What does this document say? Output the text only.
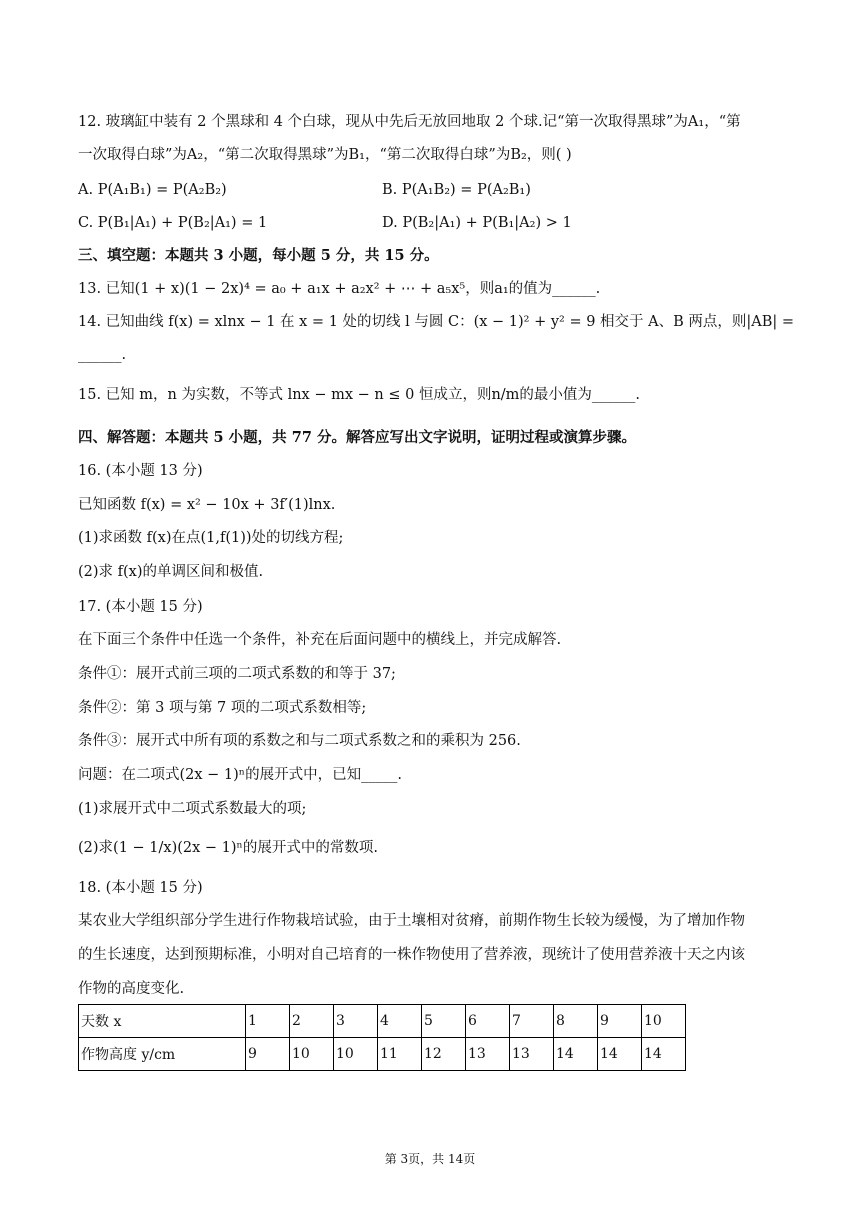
12. 玻璃缸中装有 2 个黑球和 4 个白球，现从中先后无放回地取 2 个球.记“第一次取得黑球”为A₁，“第
一次取得白球”为A₂，“第二次取得黑球”为B₁，“第二次取得白球”为B₂，则( )
A. P(A₁B₁) = P(A₂B₂)	B. P(A₁B₂) = P(A₂B₁)
C. P(B₁|A₁) + P(B₂|A₁) = 1	D. P(B₂|A₁) + P(B₁|A₂) > 1
三、填空题：本题共 3 小题，每小题 5 分，共 15 分。
13. 已知(1 + x)(1 − 2x)⁴ = a₀ + a₁x + a₂x² + ⋯ + a₅x⁵，则a₁的值为______.
14. 已知曲线 f(x) = xlnx − 1 在 x = 1 处的切线 l 与圆 C：(x − 1)² + y² = 9 相交于 A、B 两点，则|AB| =
______.
15. 已知 m，n 为实数，不等式 lnx − mx − n ≤ 0 恒成立，则n/m的最小值为______.
四、解答题：本题共 5 小题，共 77 分。解答应写出文字说明，证明过程或演算步骤。
16. (本小题 13 分)
已知函数 f(x) = x² − 10x + 3f′(1)lnx.
(1)求函数 f(x)在点(1,f(1))处的切线方程;
(2)求 f(x)的单调区间和极值.
17. (本小题 15 分)
在下面三个条件中任选一个条件，补充在后面问题中的横线上，并完成解答.
条件①：展开式前三项的二项式系数的和等于 37;
条件②：第 3 项与第 7 项的二项式系数相等;
条件③：展开式中所有项的系数之和与二项式系数之和的乘积为 256.
问题：在二项式(2x − 1)ⁿ的展开式中，已知_____.
(1)求展开式中二项式系数最大的项;
(2)求(1 − 1/x)(2x − 1)ⁿ的展开式中的常数项.
18. (本小题 15 分)
某农业大学组织部分学生进行作物栽培试验，由于土壤相对贫瘠，前期作物生长较为缓慢，为了增加作物
的生长速度，达到预期标准，小明对自己培育的一株作物使用了营养液，现统计了使用营养液十天之内该
作物的高度变化.
天数 x	1	2	3	4	5	6	7	8	9	10
作物高度 y/cm	9	10	10	11	12	13	13	14	14	14
第 3页，共 14页
